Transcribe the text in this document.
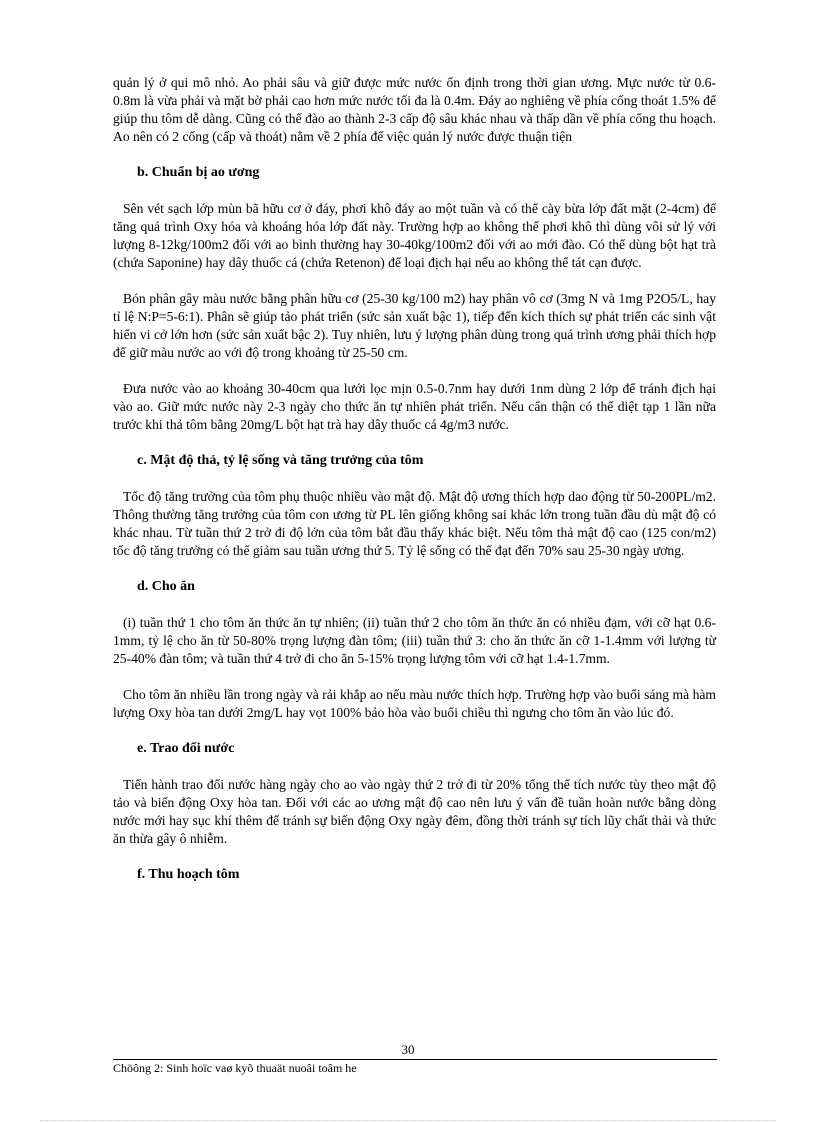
quản lý ở qui mô nhỏ. Ao phải sâu và giữ được mức nước ổn định trong thời gian ương. Mực nước từ 0.6-0.8m là vừa phải và mặt bờ phải cao hơn mức nước tối đa là 0.4m. Đáy ao nghiêng về phía cống thoát 1.5% để giúp thu tôm dễ dàng. Cũng có thể đào ao thành 2-3 cấp độ sâu khác nhau và thấp dần về phía cống thu hoạch. Ao nên có 2 cống (cấp và thoát) nằm về 2 phía để việc quản lý nước được thuận tiện

b. Chuẩn bị ao ương

Sên vét sạch lớp mùn bã hữu cơ ở đáy, phơi khô đáy ao một tuần và có thể cày bừa lớp đất mặt (2-4cm) để tăng quá trình Oxy hóa và khoáng hóa lớp đất này. Trường hợp ao không thể phơi khô thì dùng vôi sử lý với lượng 8-12kg/100m2 đối với ao bình thường hay 30-40kg/100m2 đối với ao mới đào. Có thể dùng bột hạt trà (chứa Saponine) hay dây thuốc cá (chứa Retenon) để loại địch hại nếu ao không thể tát cạn được.

Bón phân gây màu nước bằng phân hữu cơ (25-30 kg/100 m2) hay phân vô cơ (3mg N và 1mg P2O5/L, hay tỉ lệ N:P=5-6:1). Phân sẽ giúp tảo phát triển (sức sản xuất bậc 1), tiếp đến kích thích sự phát triển các sinh vật hiển vi cở lớn hơn (sức sản xuất bậc 2). Tuy nhiên, lưu ý lượng phân dùng trong quá trình ương phải thích hợp để giữ màu nước ao với độ trong khoảng từ 25-50 cm.

Đưa nước vào ao khoảng 30-40cm qua lưới lọc mịn 0.5-0.7nm hay dưới 1nm dùng 2 lớp để tránh địch hại vào ao. Giữ mức nước này 2-3 ngày cho thức ăn tự nhiên phát triển. Nếu cẩn thận có thể diệt tạp 1 lần nữa trước khi thả tôm bằng 20mg/L bột hạt trà hay dây thuốc cá 4g/m3 nước.

c. Mật độ thả, tỷ lệ sống và tăng trưởng của tôm

Tốc độ tăng trưởng của tôm phụ thuộc nhiều vào mật độ. Mật độ ương thích hợp dao động từ 50-200PL/m2. Thông thường tăng trưởng của tôm con ương từ PL lên giống không sai khác lớn trong tuần đầu dù mật độ có khác nhau. Từ tuần thứ 2 trở đi độ lớn của tôm bắt đầu thấy khác biệt. Nếu tôm thả mật độ cao (125 con/m2) tốc độ tăng trưởng có thể giảm sau tuần ương thứ 5. Tỷ lệ sống có thể đạt đến 70% sau 25-30 ngày ương.

d. Cho ăn

(i) tuần thứ 1 cho tôm ăn thức ăn tự nhiên; (ii) tuần thứ 2 cho tôm ăn thức ăn có nhiều đạm, với cỡ hạt 0.6-1mm, tỷ lệ cho ăn từ 50-80% trọng lượng đàn tôm; (iii) tuần thứ 3: cho ăn thức ăn cỡ 1-1.4mm với lượng từ 25-40% đàn tôm; và tuần thứ 4 trở đi cho ăn 5-15% trọng lượng tôm với cỡ hạt 1.4-1.7mm.

Cho tôm ăn nhiều lần trong ngày và rải khắp ao nếu màu nước thích hợp. Trường hợp vào buổi sáng mà hàm lượng Oxy hòa tan dưới 2mg/L hay vọt 100% bảo hòa vào buổi chiều thì ngưng cho tôm ăn vào lúc đó.

e. Trao đổi nước

Tiến hành trao đổi nước hàng ngày cho ao vào ngày thứ 2 trở đi từ 20% tổng thể tích nước tùy theo mật độ tảo và biến động Oxy hòa tan. Đối với các ao ương mật độ cao nên lưu ý vấn đề tuần hoàn nước bằng dòng nước mới hay sục khí thêm để tránh sự biến động Oxy ngày đêm, đồng thời tránh sự tích lũy chất thải và thức ăn thừa gây ô nhiễm.

f. Thu hoạch tôm

30
Chöông 2: Sinh hoïc vaø kyõ thuaät nuoâi toâm he
